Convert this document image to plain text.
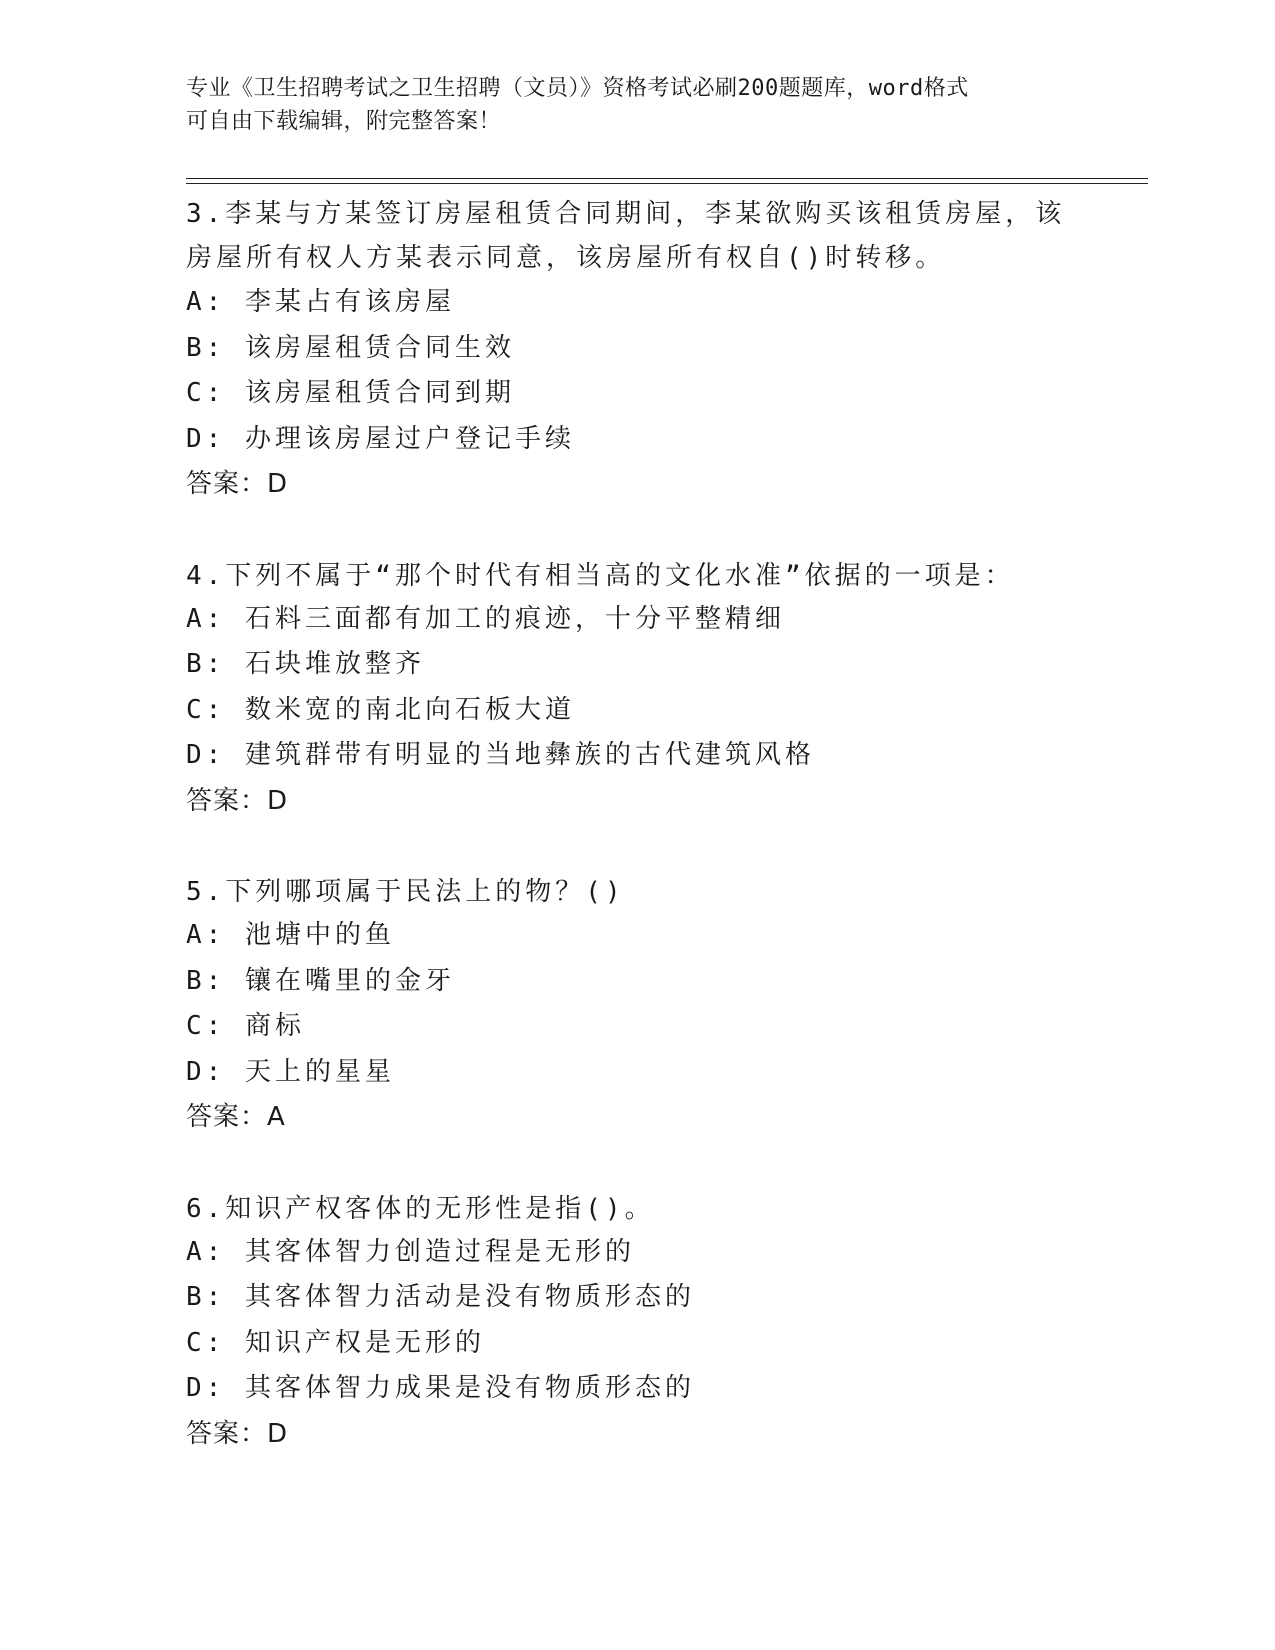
专业《卫生招聘考试之卫生招聘（文员）》资格考试必刷200题题库，word格式
可自由下载编辑，附完整答案！
3.李某与方某签订房屋租赁合同期间，李某欲购买该租赁房屋，该房屋所有权人方某表示同意，该房屋所有权自()时转移。
A: 李某占有该房屋
B: 该房屋租赁合同生效
C: 该房屋租赁合同到期
D: 办理该房屋过户登记手续
答案：D
4.下列不属于“那个时代有相当高的文化水准”依据的一项是：
A: 石料三面都有加工的痕迹，十分平整精细
B: 石块堆放整齐
C: 数米宽的南北向石板大道
D: 建筑群带有明显的当地彝族的古代建筑风格
答案：D
5.下列哪项属于民法上的物？()
A: 池塘中的鱼
B: 镶在嘴里的金牙
C: 商标
D: 天上的星星
答案：A
6.知识产权客体的无形性是指()。
A: 其客体智力创造过程是无形的
B: 其客体智力活动是没有物质形态的
C: 知识产权是无形的
D: 其客体智力成果是没有物质形态的
答案：D
